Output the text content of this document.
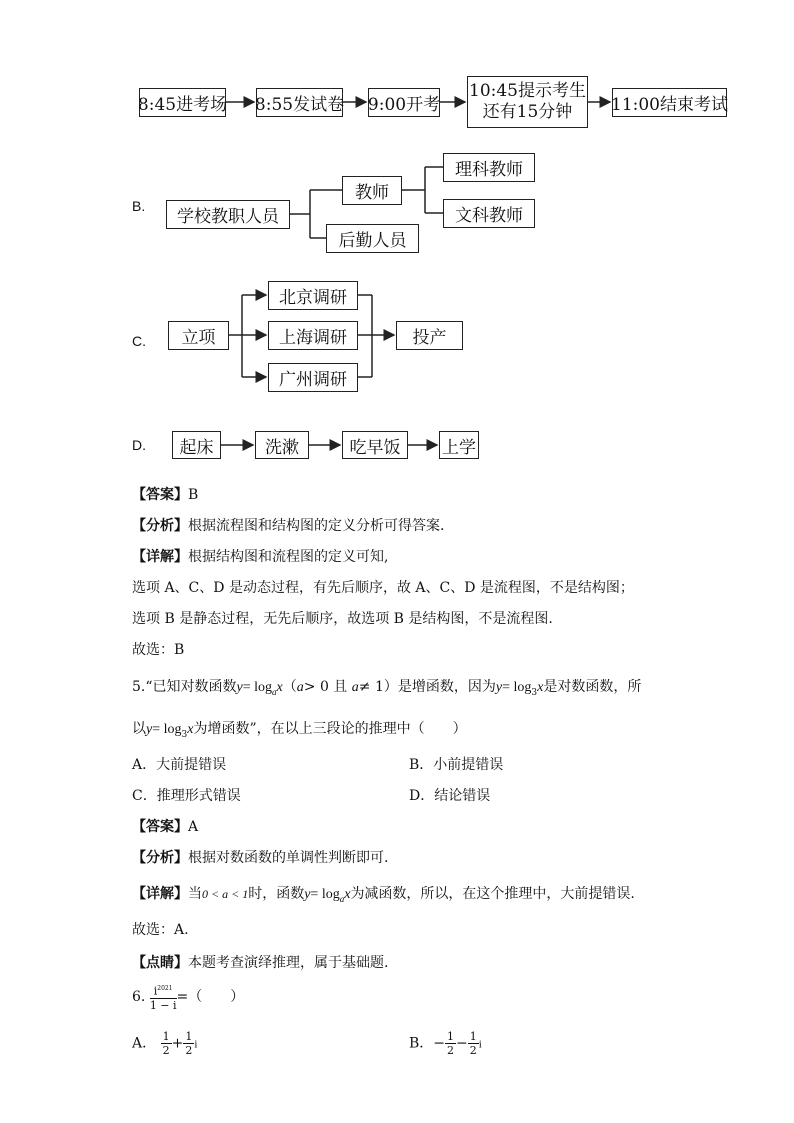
8:45进考场 8:55发试卷 9:00开考
10:45提示考生
还有15分钟 11:00结束考试
B.
学校教职人员
教师
后勤人员
理科教师
文科教师
C.	立项
北京调研
上海调研
广州调研
投产
D.	起床	洗漱	吃早饭	上学
【答案】B
【分析】根据流程图和结构图的定义分析可得答案.
【详解】根据结构图和流程图的定义可知,
选项 A、C、D 是动态过程，有先后顺序，故 A、C、D 是流程图，不是结构图；
选项 B 是静态过程，无先后顺序，故选项 B 是结构图，不是流程图.
故选：B
5.“已知对数函数$y= \log_ax(a> 0$ 且 a≠ 1）是增函数，因为$y= \log_3x$是对数函数，所
以$y= \log_3x$为增函数”，在以上三段论的推理中（　　）
A．大前提错误	B．小前提错误
C．推理形式错误	D．结论错误
【答案】A
【分析】根据对数函数的单调性判断即可.
【详解】当0 < a < 1时，函数$y= \log_ax$为减函数，所以，在这个推理中，大前提错误.
故选：A.
【点睛】本题考查演绎推理，属于基础题.
6. $\frac{i^{2021}}{1 - i}$ =（　　）
A． $\frac{1}{2} + \frac{1}{2}$ i	B．− $\frac{1}{2} - \frac{1}{2}$ i
